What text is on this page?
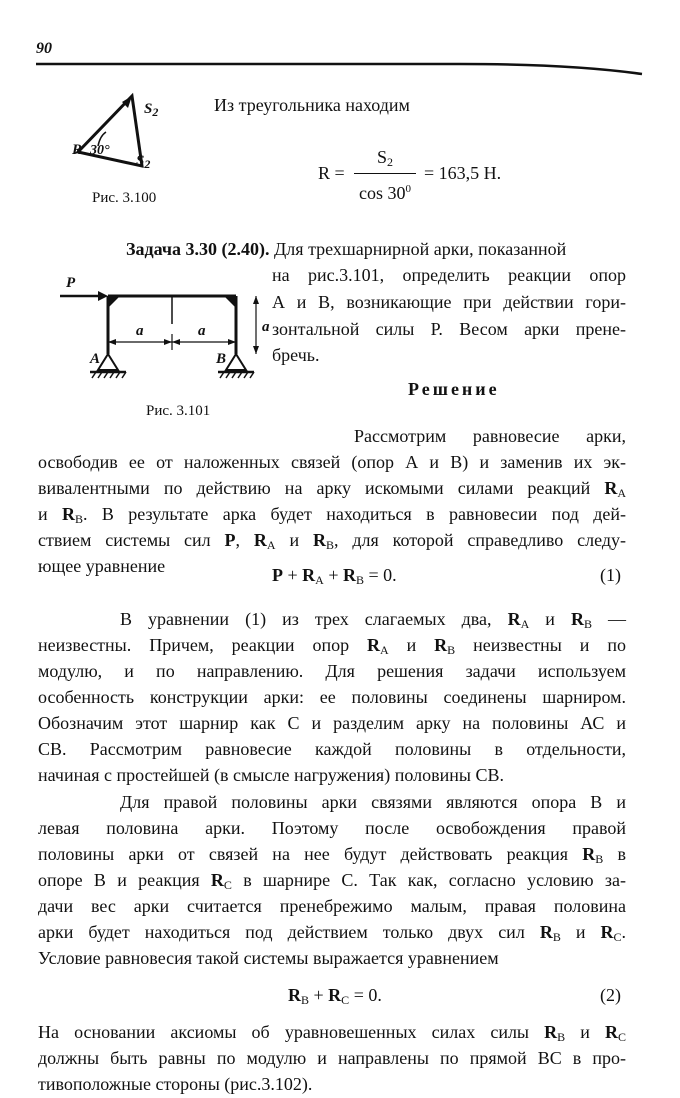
90
$S_2$
$S_2$
R 30°
Рис. 3.100
Из треугольника находим
R =
$S_2$
$\cos 30^0$
= 163,5 Н.
Задача 3.30 (2.40). Для трехшарнирной арки, показанной
на рис.3.101, определить реакции опор
А и В, возникающие при действии гори-
зонтальной силы Р. Весом арки прене-
бречь.
P
a	a	a
A	B
Рис. 3.101
Решение
Рассмотрим равновесие арки,
освободив ее от наложенных связей (опор А и В) и заменив их эк-
вивалентными по действию на арку искомыми силами реакций $R_A$
и $R_B$. В результате арка будет находиться в равновесии под дей-
ствием системы сил P, $R_A$ и $R_B$, для которой справедливо следу-
ющее уравнение	$P + R_A + R_B = 0$.	(1)
В уравнении (1) из трех слагаемых два, $R_A$ и $R_B$ —
неизвестны. Причем, реакции опор $R_A$ и $R_B$ неизвестны и по
модулю, и по направлению. Для решения задачи используем
особенность конструкции арки: ее половины соединены шарниром.
Обозначим этот шарнир как С и разделим арку на половины АС и
СВ. Рассмотрим равновесие каждой половины в отдельности,
начиная с простейшей (в смысле нагружения) половины СВ.
Для правой половины арки связями являются опора В и
левая половина арки. Поэтому после освобождения правой
половины арки от связей на нее будут действовать реакция $R_B$ в
опоре В и реакция $R_C$ в шарнире С. Так как, согласно условию за-
дачи вес арки считается пренебрежимо малым, правая половина
арки будет находиться под действием только двух сил $R_B$ и $R_C$.
Условие равновесия такой системы выражается уравнением
$R_B + R_C = 0$.	(2)
На основании аксиомы об уравновешенных силах силы $R_B$ и $R_C$
должны быть равны по модулю и направлены по прямой ВС в про-
тивоположные стороны (рис.3.102).
